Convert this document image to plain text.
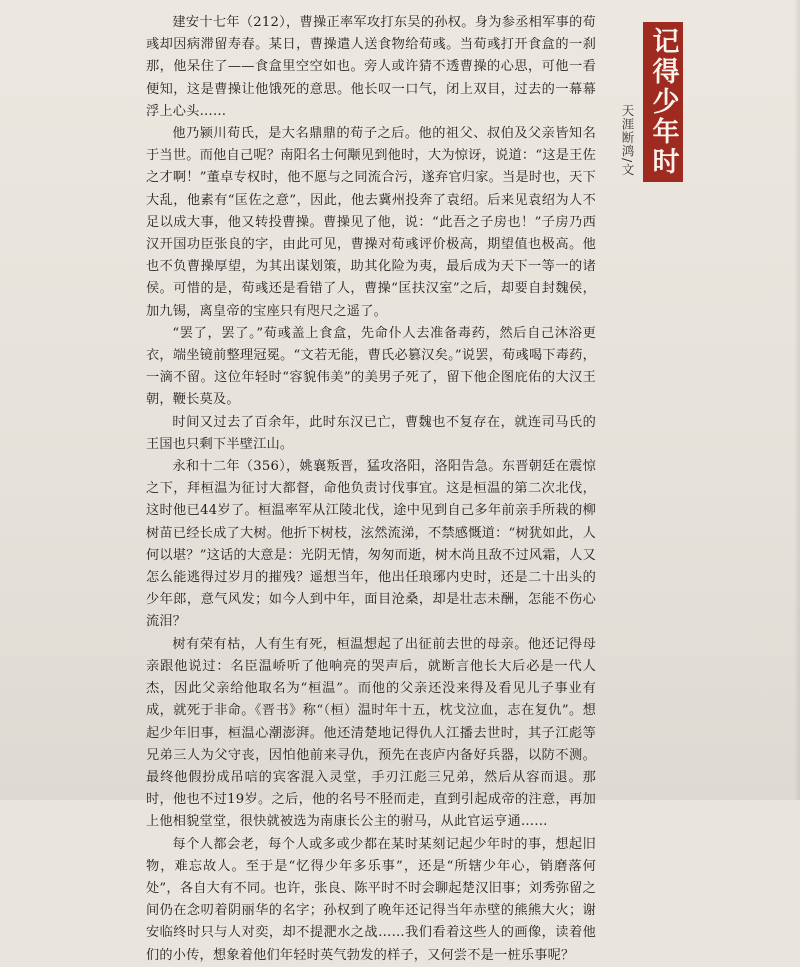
建安十七年（212），曹操正率军攻打东吴的孙权。身为参丞相军事的荀彧却因病滞留寿春。某日，曹操遣人送食物给荀彧。当荀彧打开食盒的一刹那，他呆住了——食盒里空空如也。旁人或许猜不透曹操的心思，可他一看便知，这是曹操让他饿死的意思。他长叹一口气，闭上双目，过去的一幕幕浮上心头……

他乃颍川荀氏，是大名鼎鼎的荀子之后。他的祖父、叔伯及父亲皆知名于当世。而他自己呢？南阳名士何颙见到他时，大为惊讶，说道：“这是王佐之才啊！”董卓专权时，他不愿与之同流合污，遂弃官归家。当是时也，天下大乱，他素有“匡佐之意”，因此，他去冀州投奔了袁绍。后来见袁绍为人不足以成大事，他又转投曹操。曹操见了他，说：“此吾之子房也！”子房乃西汉开国功臣张良的字，由此可见，曹操对荀彧评价极高，期望值也极高。他也不负曹操厚望，为其出谋划策，助其化险为夷，最后成为天下一等一的诸侯。可惜的是，荀彧还是看错了人，曹操“匡扶汉室”之后，却要自封魏侯，加九锡，离皇帝的宝座只有咫尺之遥了。

“罢了，罢了。”荀彧盖上食盒，先命仆人去准备毒药，然后自己沐浴更衣，端坐镜前整理冠冕。“文若无能，曹氏必篡汉矣。”说罢，荀彧喝下毒药，一滴不留。这位年轻时“容貌伟美”的美男子死了，留下他企图庇佑的大汉王朝，鞭长莫及。

时间又过去了百余年，此时东汉已亡，曹魏也不复存在，就连司马氏的王国也只剩下半壁江山。

永和十二年（356），姚襄叛晋，猛攻洛阳，洛阳告急。东晋朝廷在震惊之下，拜桓温为征讨大都督，命他负责讨伐事宜。这是桓温的第二次北伐，这时他已44岁了。桓温率军从江陵北伐，途中见到自己多年前亲手所栽的柳树苗已经长成了大树。他折下树枝，泫然流涕，不禁感慨道：“树犹如此，人何以堪？”这话的大意是：光阴无情，匆匆而逝，树木尚且敌不过风霜，人又怎么能逃得过岁月的摧残？遥想当年，他出任琅琊内史时，还是二十出头的少年郎，意气风发；如今人到中年，面目沧桑，却是壮志未酬，怎能不伤心流泪？

树有荣有枯，人有生有死，桓温想起了出征前去世的母亲。他还记得母亲跟他说过：名臣温峤听了他响亮的哭声后，就断言他长大后必是一代人杰，因此父亲给他取名为“桓温”。而他的父亲还没来得及看见儿子事业有成，就死于非命。《晋书》称“（桓）温时年十五，枕戈泣血，志在复仇”。想起少年旧事，桓温心潮澎湃。他还清楚地记得仇人江播去世时，其子江彪等兄弟三人为父守丧，因怕他前来寻仇，预先在丧庐内备好兵器，以防不测。最终他假扮成吊唁的宾客混入灵堂，手刃江彪三兄弟，然后从容而退。那时，他也不过19岁。之后，他的名号不胫而走，直到引起成帝的注意，再加上他相貌堂堂，很快就被选为南康长公主的驸马，从此官运亨通……

每个人都会老，每个人或多或少都在某时某刻记起少年时的事，想起旧物，难忘故人。至于是“忆得少年多乐事”，还是“所辖少年心，销磨落何处”，各自大有不同。也许，张良、陈平时不时会聊起楚汉旧事；刘秀弥留之间仍在念叨着阴丽华的名字；孙权到了晚年还记得当年赤壁的熊熊大火；谢安临终时只与人对奕，却不提淝水之战……我们看着这些人的画像，读着他们的小传，想象着他们年轻时英气勃发的样子，又何尝不是一桩乐事呢？

记得少年时
天涯断鸿/文
